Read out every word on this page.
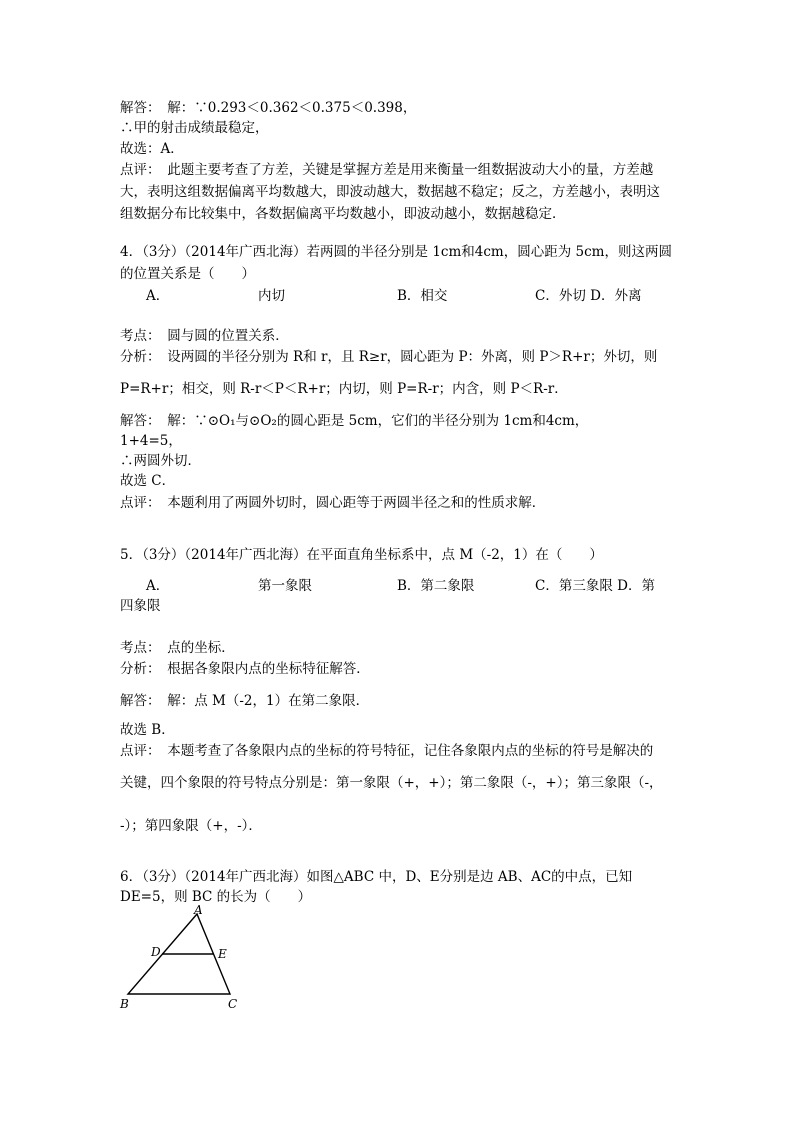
解答：　解：∵0.293＜0.362＜0.375＜0.398，
∴甲的射击成绩最稳定，
故选：A．
点评：　此题主要考查了方差，关键是掌握方差是用来衡量一组数据波动大小的量，方差越
大，表明这组数据偏离平均数越大，即波动越大，数据越不稳定；反之，方差越小，表明这
组数据分布比较集中，各数据偏离平均数越小，即波动越小，数据越稳定．
4．（3分）（2014年广西北海）若两圆的半径分别是 1cm和4cm，圆心距为 5cm，则这两圆
的位置关系是（　　）
A．	内切	B．相交	C．外切 D．外离
考点：　圆与圆的位置关系．
分析：　设两圆的半径分别为 R和 r，且 R≥r，圆心距为 P：外离，则 P＞R+r；外切，则
P=R+r；相交，则 R-r＜P＜R+r；内切，则 P=R-r；内含，则 P＜R-r．
解答：　解：∵⊙O₁与⊙O₂的圆心距是 5cm，它们的半径分别为 1cm和4cm，
1+4=5，
∴两圆外切．
故选 C．
点评：　本题利用了两圆外切时，圆心距等于两圆半径之和的性质求解．
5．（3分）（2014年广西北海）在平面直角坐标系中，点 M（-2，1）在（　　）
A．	第一象限	B．第二象限	C．第三象限 D．第
四象限
考点：　点的坐标．
分析：　根据各象限内点的坐标特征解答．
解答：　解：点 M（-2，1）在第二象限．
故选 B．
点评：　本题考查了各象限内点的坐标的符号特征，记住各象限内点的坐标的符号是解决的
关键，四个象限的符号特点分别是：第一象限（+，+）；第二象限（-，+）；第三象限（-，
-）；第四象限（+，-）．
6．（3分）（2014年广西北海）如图△ABC 中，D、E分别是边 AB、AC的中点，已知
DE=5，则 BC 的长为（　　）
A
D	E
B	C
